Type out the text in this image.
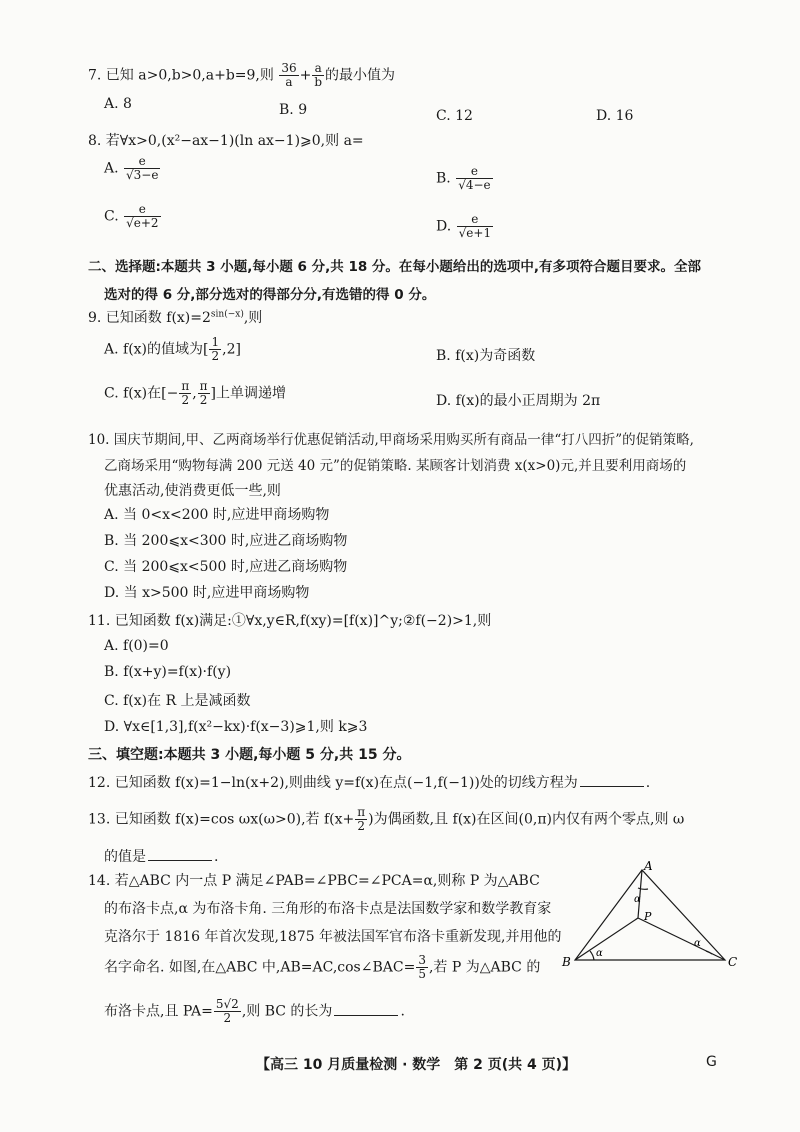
7. 已知 a>0,b>0,a+b=9,则 $\frac{36}{a} + \frac{a}{b}$ 的最小值为
A. 8	B. 9	C. 12	D. 16
8. 若∀x>0,(x²−ax−1)(ln ax−1)⩾0,则 a=
A. $\frac{e}{√3-e}$	B. $\frac{e}{√4-e}$
C. $\frac{e}{√e+2}$	D. $\frac{e}{√e+1}$
二、选择题:本题共 3 小题,每小题 6 分,共 18 分。在每小题给出的选项中,有多项符合题目要求。全部
选对的得 6 分,部分选对的得部分分,有选错的得 0 分。
9. 已知函数 $f(x)=2^{sin(-x)}$,则
A. f(x)的值域为[ $\frac{1}{2} ,2$]	B. f(x)为奇函数
C. f(x)在[− $\frac{\pi}{2}$ , $\frac{\pi}{2}$ ]上单调递增	D. f(x)的最小正周期为 2π
10. 国庆节期间,甲、乙两商场举行优惠促销活动,甲商场采用购买所有商品一律“打八四折”的促销策略,
乙商场采用“购物每满 200 元送 40 元”的促销策略. 某顾客计划消费 x(x>0)元,并且要利用商场的
优惠活动,使消费更低一些,则
A. 当 0<x<200 时,应进甲商场购物
B. 当 200⩽x<300 时,应进乙商场购物
C. 当 200⩽x<500 时,应进乙商场购物
D. 当 x>500 时,应进甲商场购物
11. 已知函数 f(x)满足:①∀x,y∈R,f(xy)=[f(x)]^y;②f(−2)>1,则
A. f(0)=0
B. f(x+y)=f(x)·f(y)
C. f(x)在 R 上是减函数
D. ∀x∈[1,3],f(x²−kx)·f(x−3)⩾1,则 k⩾3
三、填空题:本题共 3 小题,每小题 5 分,共 15 分。
12. 已知函数 f(x)=1−ln(x+2),则曲线 y=f(x)在点(−1,f(−1))处的切线方程为	.
13. 已知函数 f(x)=cos ωx(ω>0),若 $f(x+ \frac{\pi}{2}$ )为偶函数,且 f(x)在区间(0,π)内仅有两个零点,则 ω
的值是	.
14. 若△ABC 内一点 P 满足∠PAB=∠PBC=∠PCA=α,则称 P 为△ABC
的布洛卡点,α 为布洛卡角. 三角形的布洛卡点是法国数学家和数学教育家
克洛尔于 1816 年首次发现,1875 年被法国军官布洛卡重新发现,并用他的
名字命名. 如图,在△ABC 中,AB=AC,cos∠BAC= $\frac{3}{5}$ ,若 P 为△ABC 的
布洛卡点,且 $PA= \frac{5√2}{2}$ ,则 BC 的长为	.
A
B	C
P
α
α
α
【高三 10 月质量检测 · 数学　第 2 页(共 4 页)】	G
